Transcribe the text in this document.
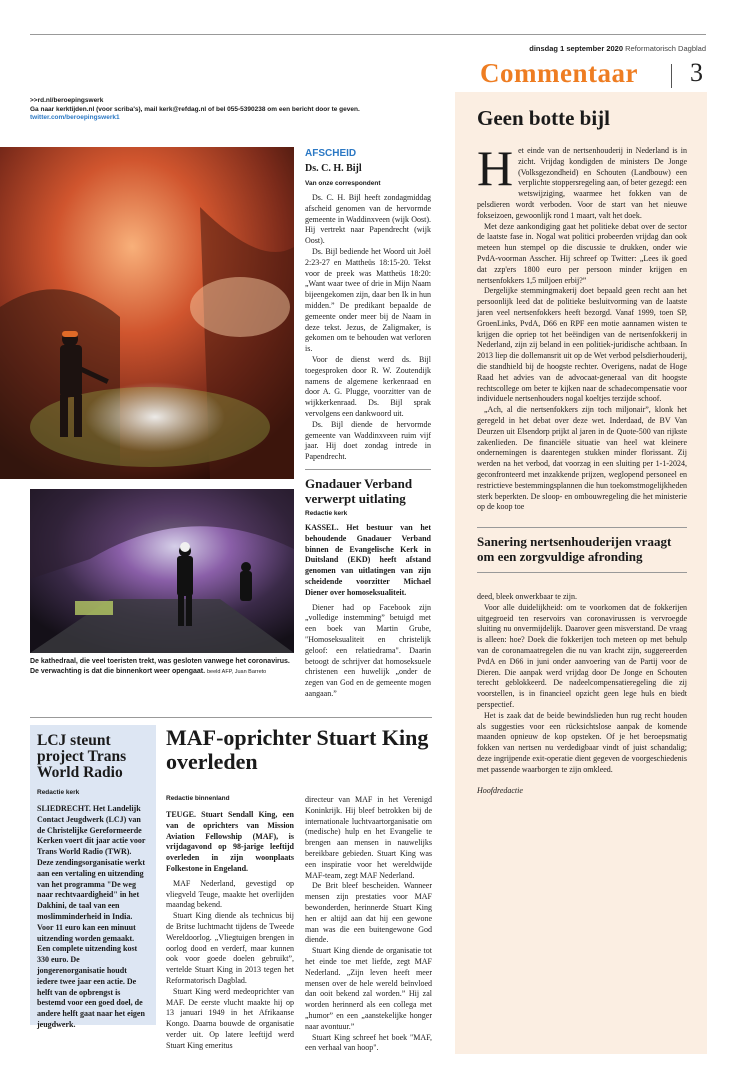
dinsdag 1 september 2020 Reformatorisch Dagblad
Commentaar	3
>>rd.nl/beroepingswerk
Ga naar kerktijden.nl (voor scriba's), mail kerk@refdag.nl of bel 055-5390238 om een bericht door te geven.
twitter.com/beroepingswerk1
De kathedraal, die veel toeristen trekt, was gesloten vanwege het coronavirus. De verwachting is dat die binnenkort weer opengaat. beeld AFP, Juan Barreto
AFSCHEID
Ds. C. H. Bijl
Van onze correspondent

Ds. C. H. Bijl heeft zondagmiddag afscheid genomen van de hervormde gemeente in Waddinxveen (wijk Oost). Hij vertrekt naar Papendrecht (wijk Oost).

Ds. Bijl bediende het Woord uit Joël 2:23-27 en Mattheüs 18:15-20. Tekst voor de preek was Mattheüs 18:20: „Want waar twee of drie in Mijn Naam bijeengekomen zijn, daar ben Ik in hun midden.” De predikant bepaalde de gemeente onder meer bij de Naam in deze tekst. Jezus, de Zaligmaker, is gekomen om te behouden wat verloren is.

Voor de dienst werd ds. Bijl toegesproken door R. W. Zoutendijk namens de algemene kerkenraad en door A. G. Plugge, voorzitter van de wijkkerkenraad. Ds. Bijl sprak vervolgens een dankwoord uit.

Ds. Bijl diende de hervormde gemeente van Waddinxveen ruim vijf jaar. Hij doet zondag intrede in Papendrecht.

Gnadauer Verband verwerpt uitlating
Redactie kerk

KASSEL. Het bestuur van het behoudende Gnadauer Verband binnen de Evangelische Kerk in Duitsland (EKD) heeft afstand genomen van uitlatingen van zijn scheidende voorzitter Michael Diener over homoseksualiteit.

Diener had op Facebook zijn „volledige instemming” betuigd met een boek van Martin Grube, "Homoseksualiteit en christelijk geloof: een relatiedrama". Daarin betoogt de schrijver dat homoseksuele christenen een huwelijk „onder de zegen van God en de gemeente mogen aangaan.”

LCJ steunt project Trans World Radio
Redactie kerk
SLIEDRECHT. Het Landelijk Contact Jeugdwerk (LCJ) van de Christelijke Gereformeerde Kerken voert dit jaar actie voor Trans World Radio (TWR). Deze zendingsorganisatie werkt aan een vertaling en uitzending van het programma "De weg naar rechtvaardigheid" in het Dakhini, de taal van een moslimminderheid in India. Voor 11 euro kan een minuut uitzending worden gemaakt. Een complete uitzending kost 330 euro. De jongerenorganisatie houdt iedere twee jaar een actie. De helft van de opbrengst is bestemd voor een goed doel, de andere helft gaat naar het eigen jeugdwerk.
MAF-oprichter Stuart King overleden
Redactie binnenland

TEUGE. Stuart Sendall King, een van de oprichters van Mission Aviation Fellowship (MAF), is vrijdagavond op 98-jarige leeftijd overleden in zijn woonplaats Folkestone in Engeland.

MAF Nederland, gevestigd op vliegveld Teuge, maakte het overlijden maandag bekend.

Stuart King diende als technicus bij de Britse luchtmacht tijdens de Tweede Wereldoorlog. „Vliegtuigen brengen in oorlog dood en verderf, maar kunnen ook voor goede doelen gebruikt”, vertelde Stuart King in 2013 tegen het Reformatorisch Dagblad.

Stuart King werd medeoprichter van MAF. De eerste vlucht maakte hij op 13 januari 1949 in het Afrikaanse Kongo. Daarna bouwde de organisatie verder uit. Op latere leeftijd werd Stuart King emeritus

directeur van MAF in het Verenigd Koninkrijk. Hij bleef betrokken bij de internationale luchtvaartorganisatie om (medische) hulp en het Evangelie te brengen aan mensen in nauwelijks bereikbare gebieden. Stuart King was een inspiratie voor het wereldwijde MAF-team, zegt MAF Nederland.

De Brit bleef bescheiden. Wanneer mensen zijn prestaties voor MAF bewonderden, herinnerde Stuart King hen er altijd aan dat hij een gewone man was die een buitengewone God diende.

Stuart King diende de organisatie tot het einde toe met liefde, zegt MAF Nederland. „Zijn leven heeft meer mensen over de hele wereld beïnvloed dan ooit bekend zal worden.” Hij zal worden herinnerd als een collega met „humor” en een „aanstekelijke honger naar avontuur.”

Stuart King schreef het boek "MAF, een verhaal van hoop".

Geen botte bijl
H et einde van de nertsenhouderij in Nederland is in zicht. Vrijdag kondigden de ministers De Jonge (Volksgezondheid) en Schouten (Landbouw) een verplichte stoppersregeling aan, of beter gezegd: een

wetswijziging, waarmee het fokken van de pelsdieren wordt verboden. Voor de start van het nieuwe fokseizoen, gewoonlijk rond 1 maart, valt het doek.

Met deze aankondiging gaat het politieke debat over de sector de laatste fase in. Nogal wat politici probeerden vrijdag dan ook meteen hun stempel op die discussie te drukken, onder wie PvdA-voorman Asscher. Hij schreef op Twitter: „Lees ik goed dat zzp'ers 1800 euro per persoon minder krijgen en nertsenfokkers 1,5 miljoen erbij?”

Dergelijke stemmingmakerij doet bepaald geen recht aan het persoonlijk leed dat de politieke besluitvorming van de laatste jaren veel nertsenfokkers heeft bezorgd. Vanaf 1999, toen SP, GroenLinks, PvdA, D66 en RPF een motie aannamen wisten te krijgen die opriep tot het beëindigen van de nertsenfokkerij in Nederland, zijn zij beland in een politiek-juridische achtbaan. In 2013 liep die dollemansrit uit op de Wet verbod pelsdierhouderij, die standhield bij de hoogste rechter. Overigens, nadat de Hoge Raad het advies van de advocaat-generaal van dit hoogste rechtscollege om beter te kijken naar de schadecompensatie voor individuele nertsenhouders nogal koeltjes terzijde schoof.

„Ach, al die nertsenfokkers zijn toch miljonair”, klonk het geregeld in het debat over deze wet. Inderdaad, de BV Van Deurzen uit Elsendorp prijkt al jaren in de Quote-500 van rijkste zakenlieden. De financiële situatie van heel wat kleinere ondernemingen is daarentegen stukken minder florissant. Zij werden na het verbod, dat voorzag in een sluiting per 1-1-2024, geconfronteerd met inzakkende prijzen, weglopend personeel en restrictieve bestemmingsplannen die hun toekomstmogelijkheden sterk beperkten. De sloop- en ombouwregeling die het ministerie op de koop toe

Sanering nertsenhouderijen vraagt om een zorgvuldige afronding

deed, bleek onwerkbaar te zijn.

Voor alle duidelijkheid: om te voorkomen dat de fokkerijen uitgegroeid ten reservoirs van coronavirussen is vervroegde sluiting nu onvermijdelijk. Daarover geen misverstand. De vraag is alleen: hoe? Doek die fokkerijen toch meteen op met behulp van de coronamaatregelen die nu van kracht zijn, suggereerden PvdA en D66 in juni onder aanvoering van de Partij voor de Dieren. Die aanpak werd vrijdag door De Jonge en Schouten terecht geblokkeerd. De nadeelcompensatieregeling die zij voorstellen, is in financieel opzicht geen lege huls en biedt perspectief.

Het is zaak dat de beide bewindslieden hun rug recht houden als suggesties voor een rücksichtslose aanpak de komende maanden opnieuw de kop opsteken. Of je het beroepsmatig fokken van nertsen nu verdedigbaar vindt of juist schandalig; deze ingrijpende exit-operatie dient gegeven de voorgeschiedenis met passende waarborgen te zijn omkleed.

Hoofdredactie
